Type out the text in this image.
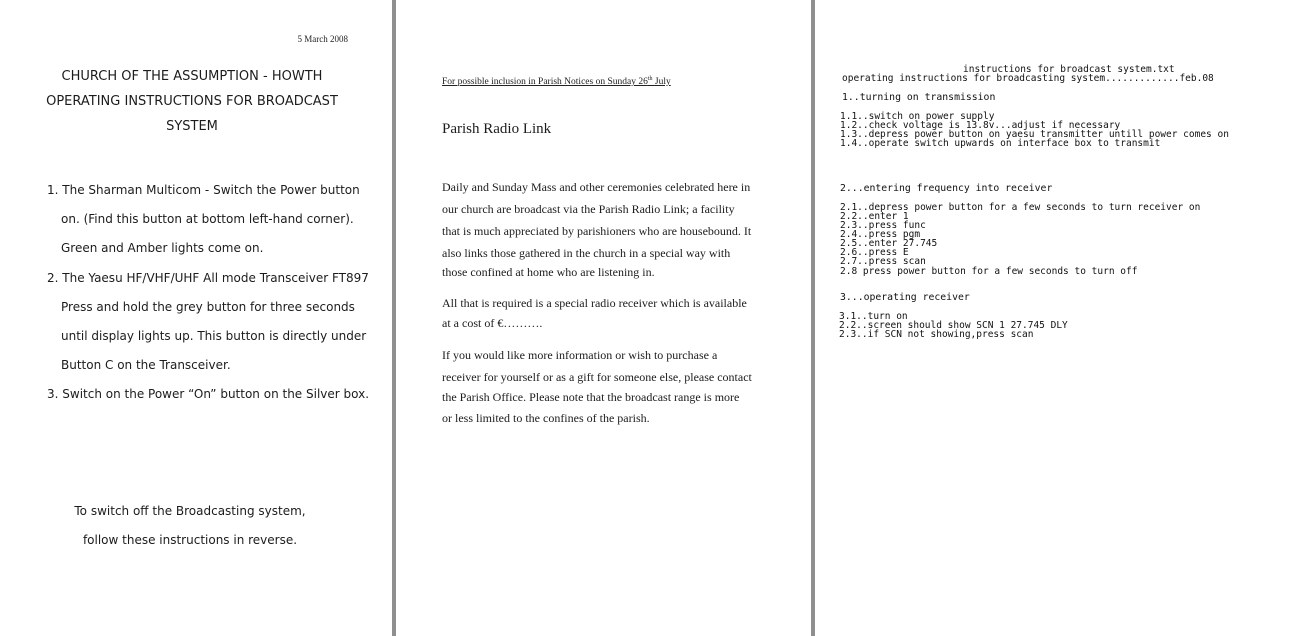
5 March 2008
CHURCH OF THE ASSUMPTION - HOWTH
OPERATING INSTRUCTIONS FOR BROADCAST
SYSTEM
1. The Sharman Multicom - Switch the Power button
on. (Find this button at bottom left-hand corner).
Green and Amber lights come on.
2. The Yaesu HF/VHF/UHF All mode Transceiver FT897
Press and hold the grey button for three seconds
until display lights up. This button is directly under
Button C on the Transceiver.
3. Switch on the Power “On” button on the Silver box.
To switch off the Broadcasting system,
follow these instructions in reverse.
For possible inclusion in Parish Notices on Sunday 26th July
Parish Radio Link
Daily and Sunday Mass and other ceremonies celebrated here in
our church are broadcast via the Parish Radio Link; a facility
that is much appreciated by parishioners who are housebound. It
also links those gathered in the church in a special way with
those confined at home who are listening in.
All that is required is a special radio receiver which is available
at a cost of €……….
If you would like more information or wish to purchase a
receiver for yourself or as a gift for someone else, please contact
the Parish Office. Please note that the broadcast range is more
or less limited to the confines of the parish.
instructions for broadcast system.txt
operating instructions for broadcasting system.............feb.08
1..turning on transmission
1.1..switch on power supply
1.2..check voltage is 13.8v...adjust if necessary
1.3..depress power button on yaesu transmitter untill power comes on
1.4..operate switch upwards on interface box to transmit
2...entering frequency into receiver
2.1..depress power button for a few seconds to turn receiver on
2.2..enter 1
2.3..press func
2.4..press pgm
2.5..enter 27.745
2.6..press E
2.7..press scan
2.8 press power button for a few seconds to turn off
3...operating receiver
3.1..turn on
2.2..screen should show SCN 1 27.745 DLY
2.3..if SCN not showing,press scan
